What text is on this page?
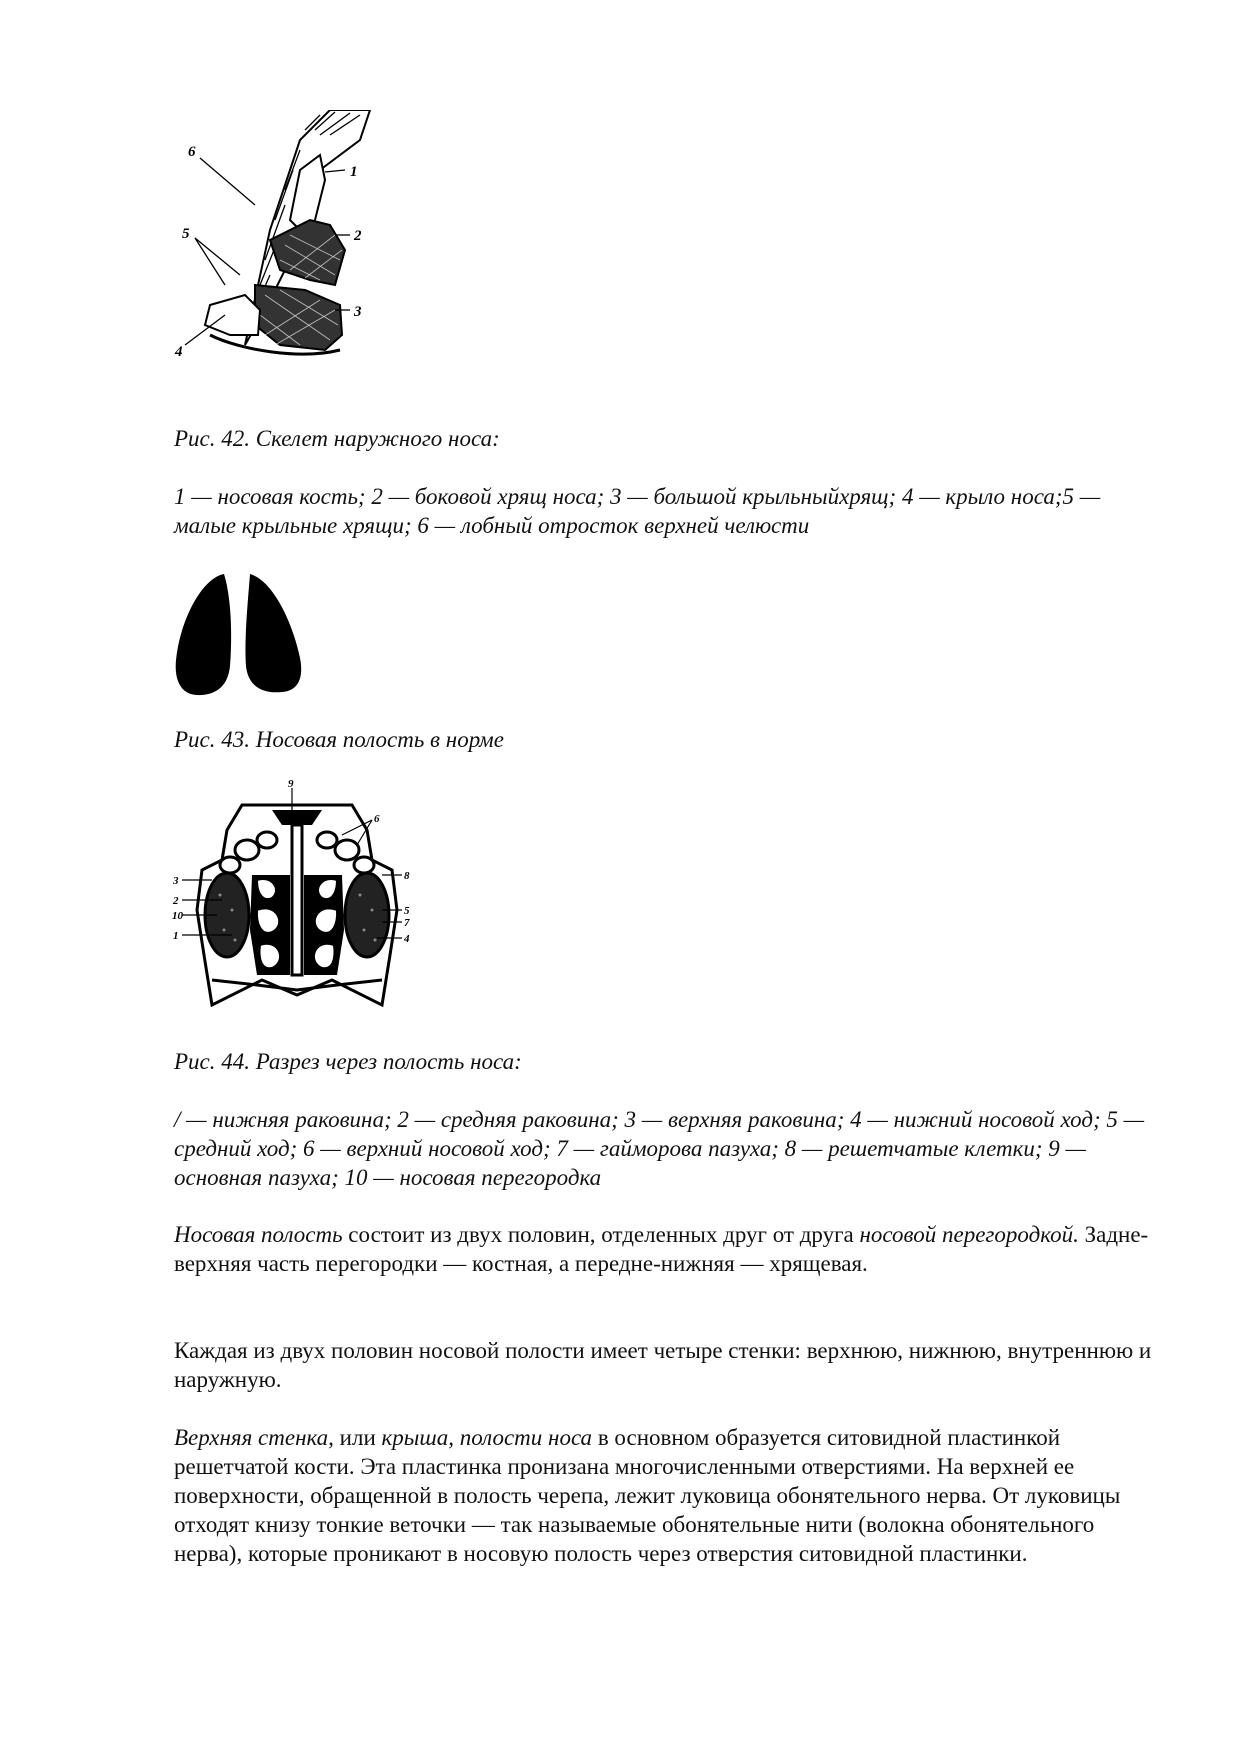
1
2
3
4
5
6

Рис. 42. Скелет наружного носа:

1 — носовая кость; 2 — боковой хрящ носа; 3 — большой крыльныйхрящ; 4 — крыло носа;5 — малые крыльные хрящи; 6 — лобный отросток верхней челюсти

Рис. 43. Носовая полость в норме

9
6
3	8
2
10
1
5
7
4

Рис. 44. Разрез через полость носа:

/ — нижняя раковина; 2 — средняя раковина; 3 — верхняя раковина; 4 — нижний носовой ход; 5 — средний ход; 6 — верхний носовой ход; 7 — гайморова пазуха; 8 — решетчатые клетки; 9 — основная пазуха; 10 — носовая перегородка

Носовая полость состоит из двух половин, отделенных друг от друга носовой перегородкой. Задне-верхняя часть перегородки — костная, а передне-нижняя — хрящевая.

Каждая из двух половин носовой полости имеет четыре стенки: верхнюю, нижнюю, внутреннюю и наружную.

Верхняя стенка, или крыша, полости носа в основном образуется ситовидной пластинкой решетчатой кости. Эта пластинка пронизана многочисленными отверстиями. На верхней ее поверхности, обращенной в полость черепа, лежит луковица обонятельного нерва. От луковицы отходят книзу тонкие веточки — так называемые обонятельные нити (волокна обонятельного нерва), которые проникают в носовую полость через отверстия ситовидной пластинки.
